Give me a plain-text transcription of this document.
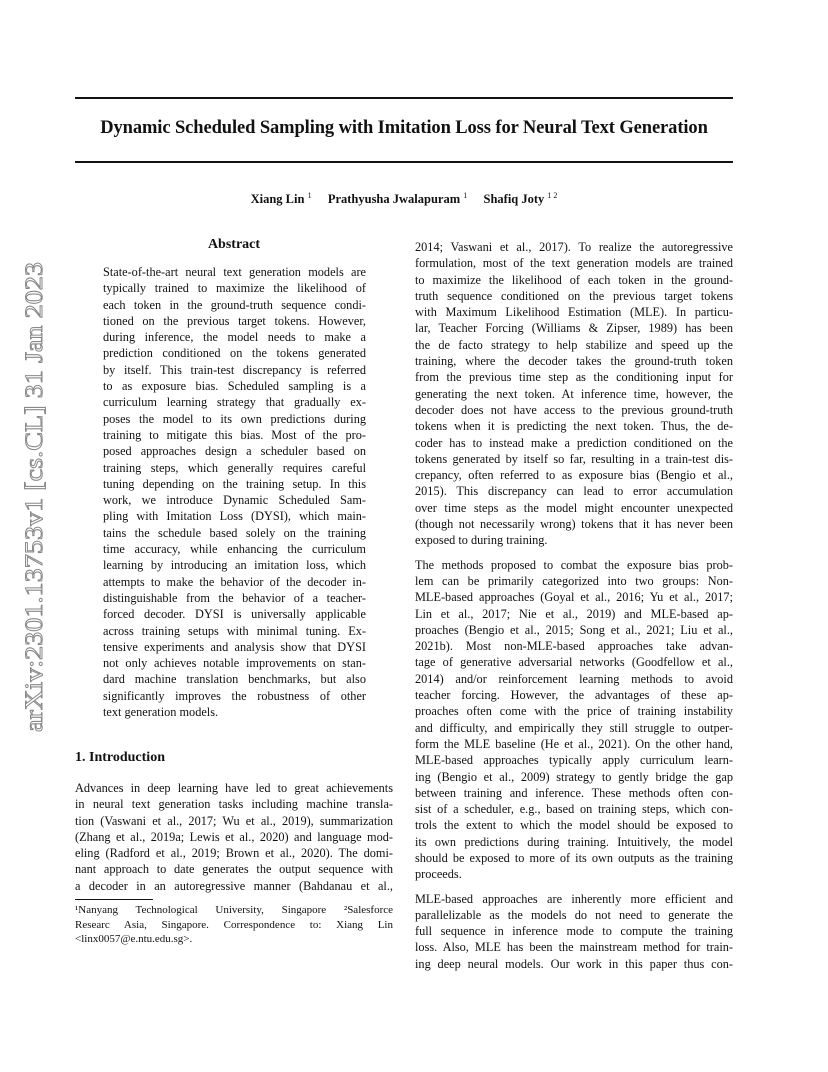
Dynamic Scheduled Sampling with Imitation Loss for Neural Text Generation
Xiang Lin $^1$ Prathyusha Jwalapuram $^1$ Shafiq Joty $^{1 2}$
arXiv:2301.13753v1 [cs.CL] 31 Jan 2023
Abstract
State-of-the-art neural text generation models are
typically trained to maximize the likelihood of
each token in the ground-truth sequence condi-
tioned on the previous target tokens. However,
during inference, the model needs to make a
prediction conditioned on the tokens generated
by itself. This train-test discrepancy is referred
to as exposure bias. Scheduled sampling is a
curriculum learning strategy that gradually ex-
poses the model to its own predictions during
training to mitigate this bias. Most of the pro-
posed approaches design a scheduler based on
training steps, which generally requires careful
tuning depending on the training setup. In this
work, we introduce Dynamic Scheduled Sam-
pling with Imitation Loss (DYSI), which main-
tains the schedule based solely on the training
time accuracy, while enhancing the curriculum
learning by introducing an imitation loss, which
attempts to make the behavior of the decoder in-
distinguishable from the behavior of a teacher-
forced decoder. DYSI is universally applicable
across training setups with minimal tuning. Ex-
tensive experiments and analysis show that DYSI
not only achieves notable improvements on stan-
dard machine translation benchmarks, but also
significantly improves the robustness of other
text generation models.
1. Introduction
Advances in deep learning have led to great achievements
in neural text generation tasks including machine transla-
tion (Vaswani et al., 2017; Wu et al., 2019), summarization
(Zhang et al., 2019a; Lewis et al., 2020) and language mod-
eling (Radford et al., 2019; Brown et al., 2020). The domi-
nant approach to date generates the output sequence with
a decoder in an autoregressive manner (Bahdanau et al.,
¹Nanyang Technological University, Singapore ²Salesforce
Researc Asia, Singapore. Correspondence to: Xiang Lin
<linx0057@e.ntu.edu.sg>.
2014; Vaswani et al., 2017). To realize the autoregressive
formulation, most of the text generation models are trained
to maximize the likelihood of each token in the ground-
truth sequence conditioned on the previous target tokens
with Maximum Likelihood Estimation (MLE). In particu-
lar, Teacher Forcing (Williams & Zipser, 1989) has been
the de facto strategy to help stabilize and speed up the
training, where the decoder takes the ground-truth token
from the previous time step as the conditioning input for
generating the next token. At inference time, however, the
decoder does not have access to the previous ground-truth
tokens when it is predicting the next token. Thus, the de-
coder has to instead make a prediction conditioned on the
tokens generated by itself so far, resulting in a train-test dis-
crepancy, often referred to as exposure bias (Bengio et al.,
2015). This discrepancy can lead to error accumulation
over time steps as the model might encounter unexpected
(though not necessarily wrong) tokens that it has never been
exposed to during training.
The methods proposed to combat the exposure bias prob-
lem can be primarily categorized into two groups: Non-
MLE-based approaches (Goyal et al., 2016; Yu et al., 2017;
Lin et al., 2017; Nie et al., 2019) and MLE-based ap-
proaches (Bengio et al., 2015; Song et al., 2021; Liu et al.,
2021b). Most non-MLE-based approaches take advan-
tage of generative adversarial networks (Goodfellow et al.,
2014) and/or reinforcement learning methods to avoid
teacher forcing. However, the advantages of these ap-
proaches often come with the price of training instability
and difficulty, and empirically they still struggle to outper-
form the MLE baseline (He et al., 2021). On the other hand,
MLE-based approaches typically apply curriculum learn-
ing (Bengio et al., 2009) strategy to gently bridge the gap
between training and inference. These methods often con-
sist of a scheduler, e.g., based on training steps, which con-
trols the extent to which the model should be exposed to
its own predictions during training. Intuitively, the model
should be exposed to more of its own outputs as the training
proceeds.
MLE-based approaches are inherently more efficient and
parallelizable as the models do not need to generate the
full sequence in inference mode to compute the training
loss. Also, MLE has been the mainstream method for train-
ing deep neural models. Our work in this paper thus con-
